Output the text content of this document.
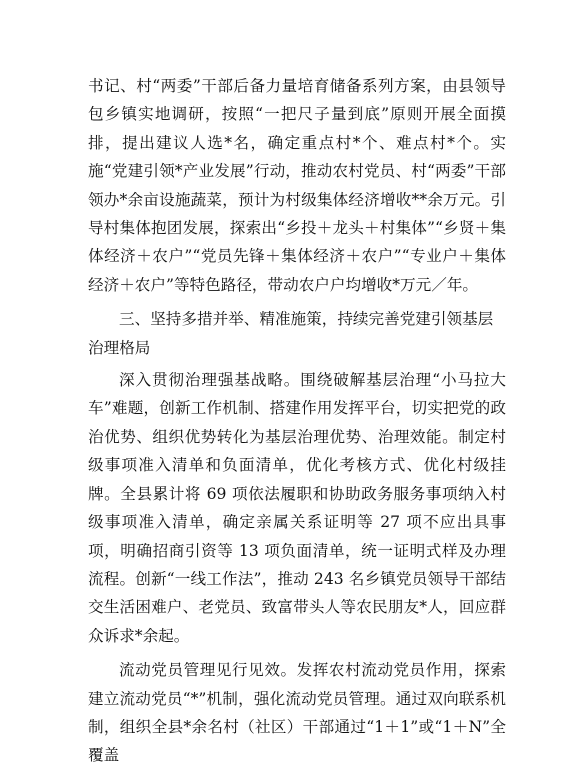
书记、村“两委”干部后备力量培育储备系列方案，由县领导包乡镇实地调研，按照“一把尺子量到底”原则开展全面摸排，提出建议人选*名，确定重点村*个、难点村*个。实施“党建引领*产业发展”行动，推动农村党员、村“两委”干部领办*余亩设施蔬菜，预计为村级集体经济增收**余万元。引导村集体抱团发展，探索出“乡投＋龙头＋村集体”“乡贤＋集体经济＋农户”“党员先锋＋集体经济＋农户”“专业户＋集体经济＋农户”等特色路径，带动农户户均增收*万元／年。

三、坚持多措并举、精准施策，持续完善党建引领基层治理格局

深入贯彻治理强基战略。围绕破解基层治理“小马拉大车”难题，创新工作机制、搭建作用发挥平台，切实把党的政治优势、组织优势转化为基层治理优势、治理效能。制定村级事项准入清单和负面清单，优化考核方式、优化村级挂牌。全县累计将 69 项依法履职和协助政务服务事项纳入村级事项准入清单，确定亲属关系证明等 27 项不应出具事项，明确招商引资等 13 项负面清单，统一证明式样及办理流程。创新“一线工作法”，推动 243 名乡镇党员领导干部结交生活困难户、老党员、致富带头人等农民朋友*人，回应群众诉求*余起。

流动党员管理见行见效。发挥农村流动党员作用，探索建立流动党员“*”机制，强化流动党员管理。通过双向联系机制，组织全县*余名村（社区）干部通过“1＋1”或“1＋N”全覆盖
